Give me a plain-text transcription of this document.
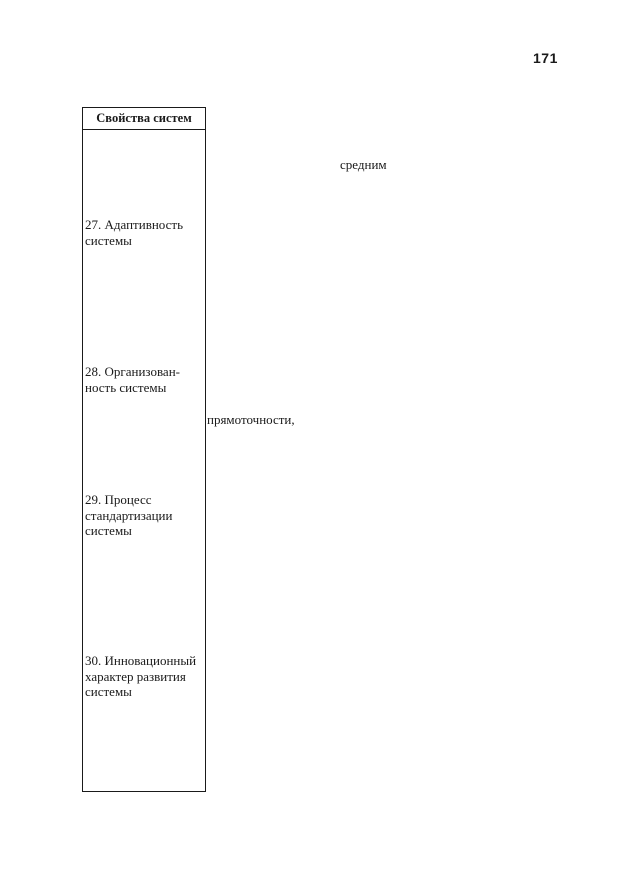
171
Свойства систем
27. Адаптивность
системы
28. Организован-
ность системы
29. Процесс
стандартизации
системы
30. Инновационный
характер развития
системы
средним
прямоточности,
